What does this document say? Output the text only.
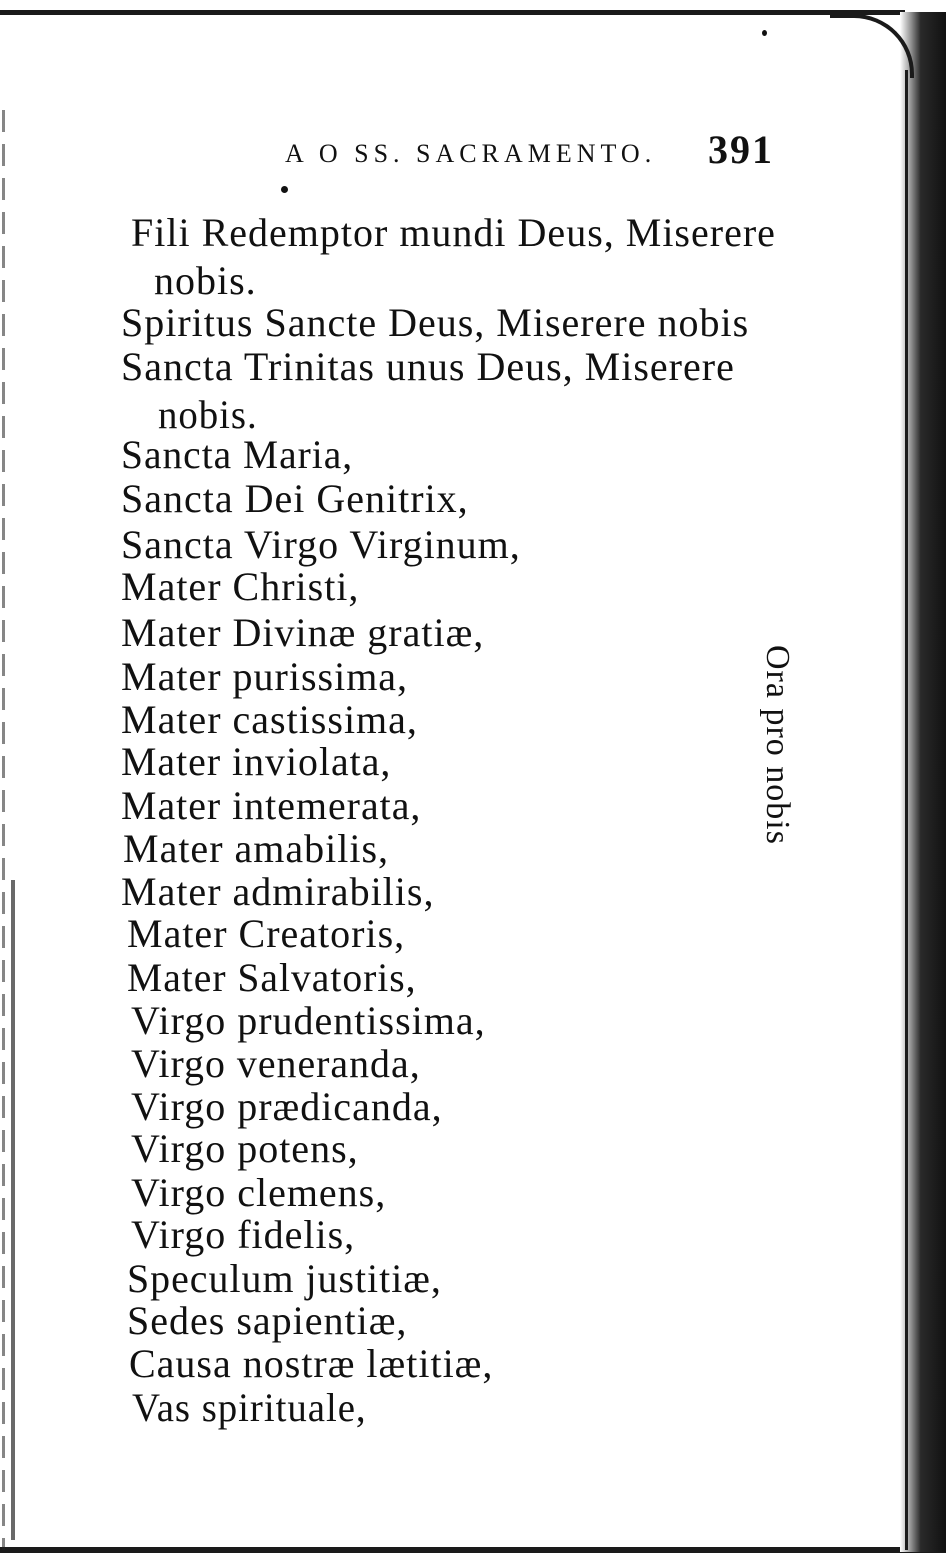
A O SS. SACRAMENTO. 391
Fili Redemptor mundi Deus, Miserere
nobis.
Spiritus Sancte Deus, Miserere nobis
Sancta Trinitas unus Deus, Miserere
nobis.
Sancta Maria,
Sancta Dei Genitrix,
Sancta Virgo Virginum,
Mater Christi,
Mater Divinæ gratiæ,
Mater purissima,
Mater castissima,
Mater inviolata,
Mater intemerata,
Mater amabilis,
Mater admirabilis,
Mater Creatoris,
Mater Salvatoris,
Virgo prudentissima,
Virgo veneranda,
Virgo prædicanda,
Virgo potens,
Virgo clemens,
Virgo fidelis,
Speculum justitiæ,
Sedes sapientiæ,
Causa nostræ lætitiæ,
Vas spirituale,
Ora pro nobis
